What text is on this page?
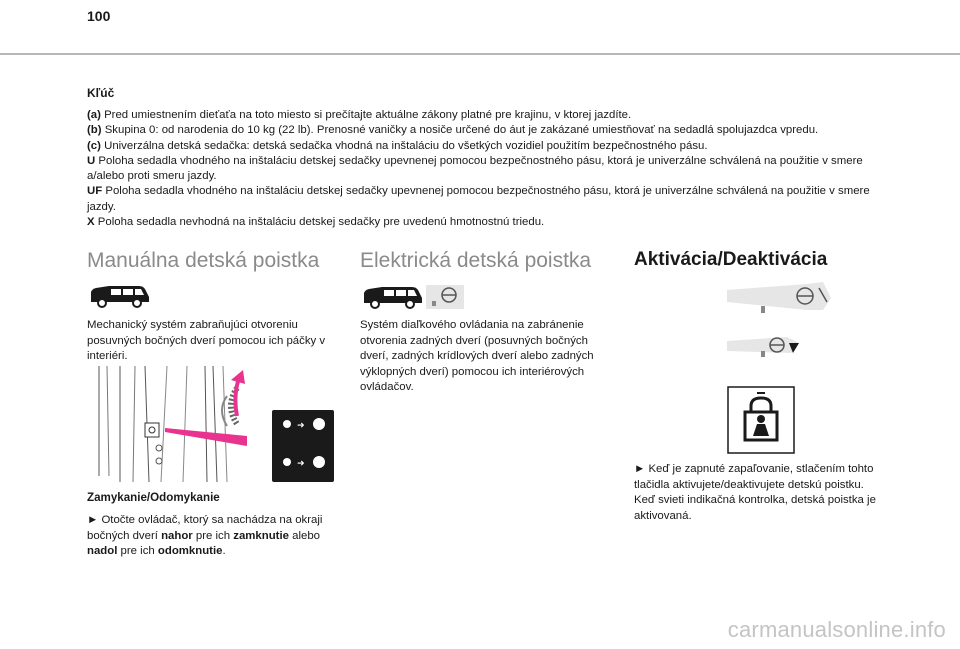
100
Kľúč

(a) Pred umiestnením dieťaťa na toto miesto si prečítajte aktuálne zákony platné pre krajinu, v ktorej jazdíte.

(b) Skupina 0: od narodenia do 10 kg (22 lb). Prenosné vaničky a nosiče určené do áut je zakázané umiestňovať na sedadlá spolujazdca vpredu.

(c) Univerzálna detská sedačka: detská sedačka vhodná na inštaláciu do všetkých vozidiel použitím bezpečnostného pásu.

U Poloha sedadla vhodného na inštaláciu detskej sedačky upevnenej pomocou bezpečnostného pásu, ktorá je univerzálne schválená na použitie v smere a/alebo proti smeru jazdy.

UF Poloha sedadla vhodného na inštaláciu detskej sedačky upevnenej pomocou bezpečnostného pásu, ktorá je univerzálne schválená na použitie v smere jazdy.

X Poloha sedadla nevhodná na inštaláciu detskej sedačky pre uvedenú hmotnostnú triedu.

Manuálna detská poistka

Mechanický systém zabraňujúci otvoreniu

posuvných bočných dverí pomocou ich páčky v

interiéri.

➜
➜
Zamykanie/Odomykanie

► Otočte ovládač, ktorý sa nachádza na okraji

bočných dverí nahor pre ich zamknutie alebo

nadol pre ich odomknutie.

Elektrická detská poistka

Systém diaľkového ovládania na zabránenie

otvorenia zadných dverí (posuvných bočných

dverí, zadných krídlových dverí alebo zadných

výklopných dverí) pomocou ich interiérových

ovládačov.

Aktivácia/Deaktivácia

► Keď je zapnuté zapaľovanie, stlačením tohto

tlačidla aktivujete/deaktivujete detskú poistku.

Keď svieti indikačná kontrolka, detská poistka je

aktivovaná.

carmanualsonline.info
